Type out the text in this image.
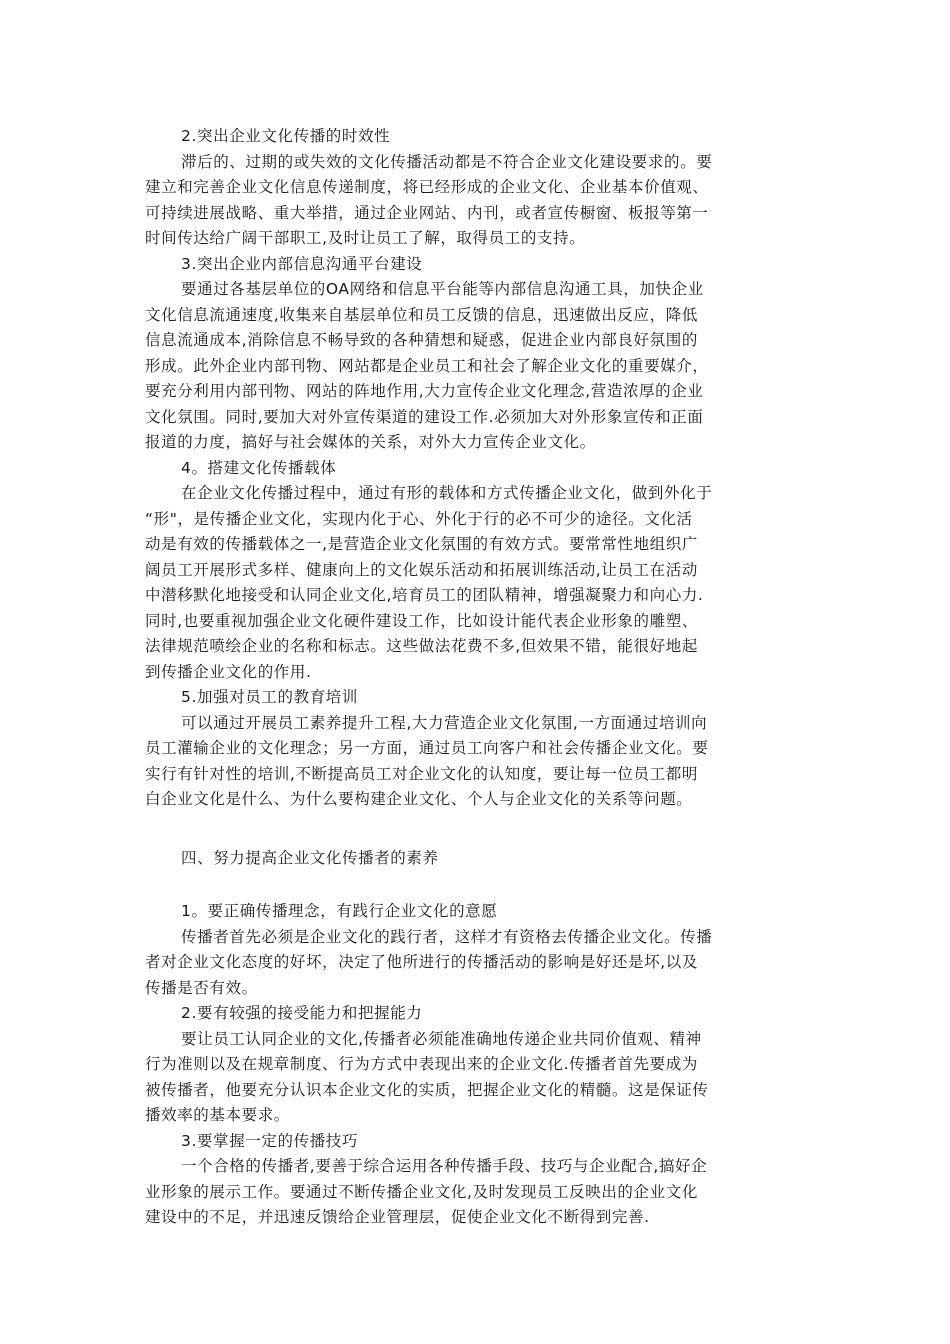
2.突出企业文化传播的时效性
滞后的、过期的或失效的文化传播活动都是不符合企业文化建设要求的。要
建立和完善企业文化信息传递制度，将已经形成的企业文化、企业基本价值观、
可持续进展战略、重大举措，通过企业网站、内刊，或者宣传橱窗、板报等第一
时间传达给广阔干部职工,及时让员工了解，取得员工的支持。
3.突出企业内部信息沟通平台建设
要通过各基层单位的OA网络和信息平台能等内部信息沟通工具，加快企业
文化信息流通速度,收集来自基层单位和员工反馈的信息，迅速做出反应，降低
信息流通成本,消除信息不畅导致的各种猜想和疑惑，促进企业内部良好氛围的
形成。此外企业内部刊物、网站都是企业员工和社会了解企业文化的重要媒介，
要充分利用内部刊物、网站的阵地作用,大力宣传企业文化理念,营造浓厚的企业
文化氛围。同时,要加大对外宣传渠道的建设工作.必须加大对外形象宣传和正面
报道的力度，搞好与社会媒体的关系，对外大力宣传企业文化。
4。搭建文化传播载体
在企业文化传播过程中，通过有形的载体和方式传播企业文化，做到外化于
“形"，是传播企业文化，实现内化于心、外化于行的必不可少的途径。文化活
动是有效的传播载体之一,是营造企业文化氛围的有效方式。要常常性地组织广
阔员工开展形式多样、健康向上的文化娱乐活动和拓展训练活动,让员工在活动
中潜移默化地接受和认同企业文化,培育员工的团队精神，增强凝聚力和向心力.
同时,也要重视加强企业文化硬件建设工作，比如设计能代表企业形象的雕塑、
法律规范喷绘企业的名称和标志。这些做法花费不多,但效果不错，能很好地起
到传播企业文化的作用.
5.加强对员工的教育培训
可以通过开展员工素养提升工程,大力营造企业文化氛围,一方面通过培训向
员工灌输企业的文化理念；另一方面，通过员工向客户和社会传播企业文化。要
实行有针对性的培训,不断提高员工对企业文化的认知度，要让每一位员工都明
白企业文化是什么、为什么要构建企业文化、个人与企业文化的关系等问题。
四、努力提高企业文化传播者的素养
1。要正确传播理念，有践行企业文化的意愿
传播者首先必须是企业文化的践行者，这样才有资格去传播企业文化。传播
者对企业文化态度的好坏，决定了他所进行的传播活动的影响是好还是坏,以及
传播是否有效。
2.要有较强的接受能力和把握能力
要让员工认同企业的文化,传播者必须能准确地传递企业共同价值观、精神
行为准则以及在规章制度、行为方式中表现出来的企业文化.传播者首先要成为
被传播者，他要充分认识本企业文化的实质，把握企业文化的精髓。这是保证传
播效率的基本要求。
3.要掌握一定的传播技巧
一个合格的传播者,要善于综合运用各种传播手段、技巧与企业配合,搞好企
业形象的展示工作。要通过不断传播企业文化,及时发现员工反映出的企业文化
建设中的不足，并迅速反馈给企业管理层，促使企业文化不断得到完善.
